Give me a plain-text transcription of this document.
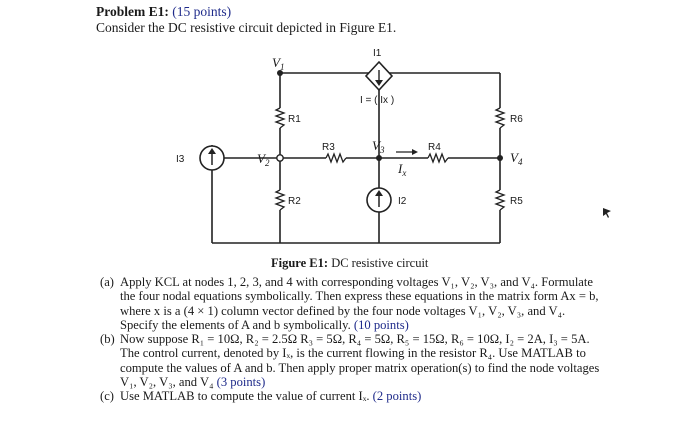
Problem E1: (15 points)
Consider the DC resistive circuit depicted in Figure E1.
$V_1$
$V_2$
$V_3$	$V_4$
R1
R2
R3	R4
R5
R6
I1
I = ( Ix )
I2
I3
$I_x$
Figure E1: DC resistive circuit

(a) Apply KCL at nodes 1, 2, 3, and 4 with corresponding voltages V₁, V₂, V₃, and V₄. Formulate the four nodal equations symbolically. Then express these equations in the matrix form Ax = b, where x is a (4 × 1) column vector defined by the four node voltages V₁, V₂, V₃, and V₄. Specify the elements of A and b symbolically. (10 points)

(b) Now suppose R₁ = 10Ω, R₂ = 2.5Ω R₃ = 5Ω, R₄ = 5Ω, R₅ = 15Ω, R₆ = 10Ω, I₂ = 2A, I₃ = 5A. The control current, denoted by Iₓ, is the current flowing in the resistor R₄. Use MATLAB to compute the values of A and b. Then apply proper matrix operation(s) to find the node voltages V₁, V₂, V₃, and V₄ (3 points)

(c) Use MATLAB to compute the value of current Iₓ. (2 points)
